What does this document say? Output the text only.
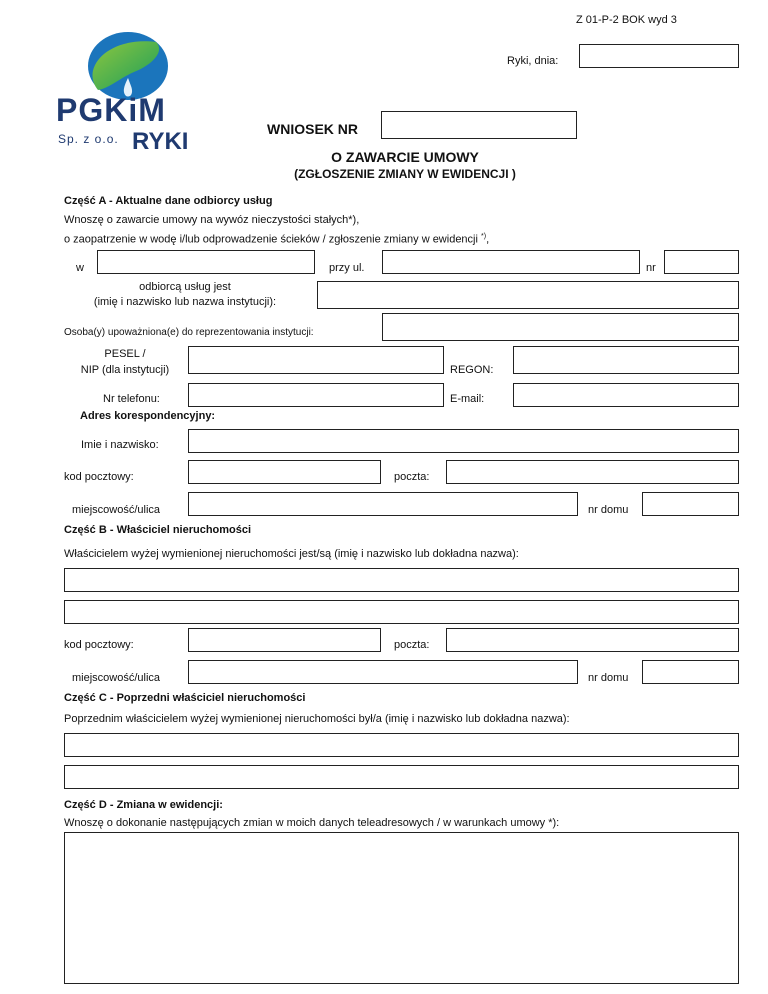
Z 01-P-2 BOK wyd 3
Ryki, dnia:
PGKiM
Sp. z o.o. RYKI	WNIOSEK NR
O ZAWARCIE UMOWY
(ZGŁOSZENIE ZMIANY W EWIDENCJI )
Część A - Aktualne dane odbiorcy usług
Wnoszę o zawarcie umowy na wywóz nieczystości stałych*),
o zaopatrzenie w wodę i/lub odprowadzenie ścieków / zgłoszenie zmiany w ewidencji *),
w	przy ul.	nr
odbiorcą usług jest
(imię i nazwisko lub nazwa instytucji):
Osoba(y) upoważniona(e) do reprezentowania instytucji:
PESEL /
NIP (dla instytucji)	REGON:
Nr telefonu:	E-mail:
Adres korespondencyjny:
Imie i nazwisko:
kod pocztowy:	poczta:
miejscowość/ulica	nr domu
Część B - Właściciel nieruchomości
Właścicielem wyżej wymienionej nieruchomości jest/są (imię i nazwisko lub dokładna nazwa):
kod pocztowy:	poczta:
miejscowość/ulica	nr domu
Część C - Poprzedni właściciel nieruchomości
Poprzednim właścicielem wyżej wymienionej nieruchomości był/a (imię i nazwisko lub dokładna nazwa):
Część D - Zmiana w ewidencji:
Wnoszę o dokonanie następujących zmian w moich danych teleadresowych / w warunkach umowy *):
